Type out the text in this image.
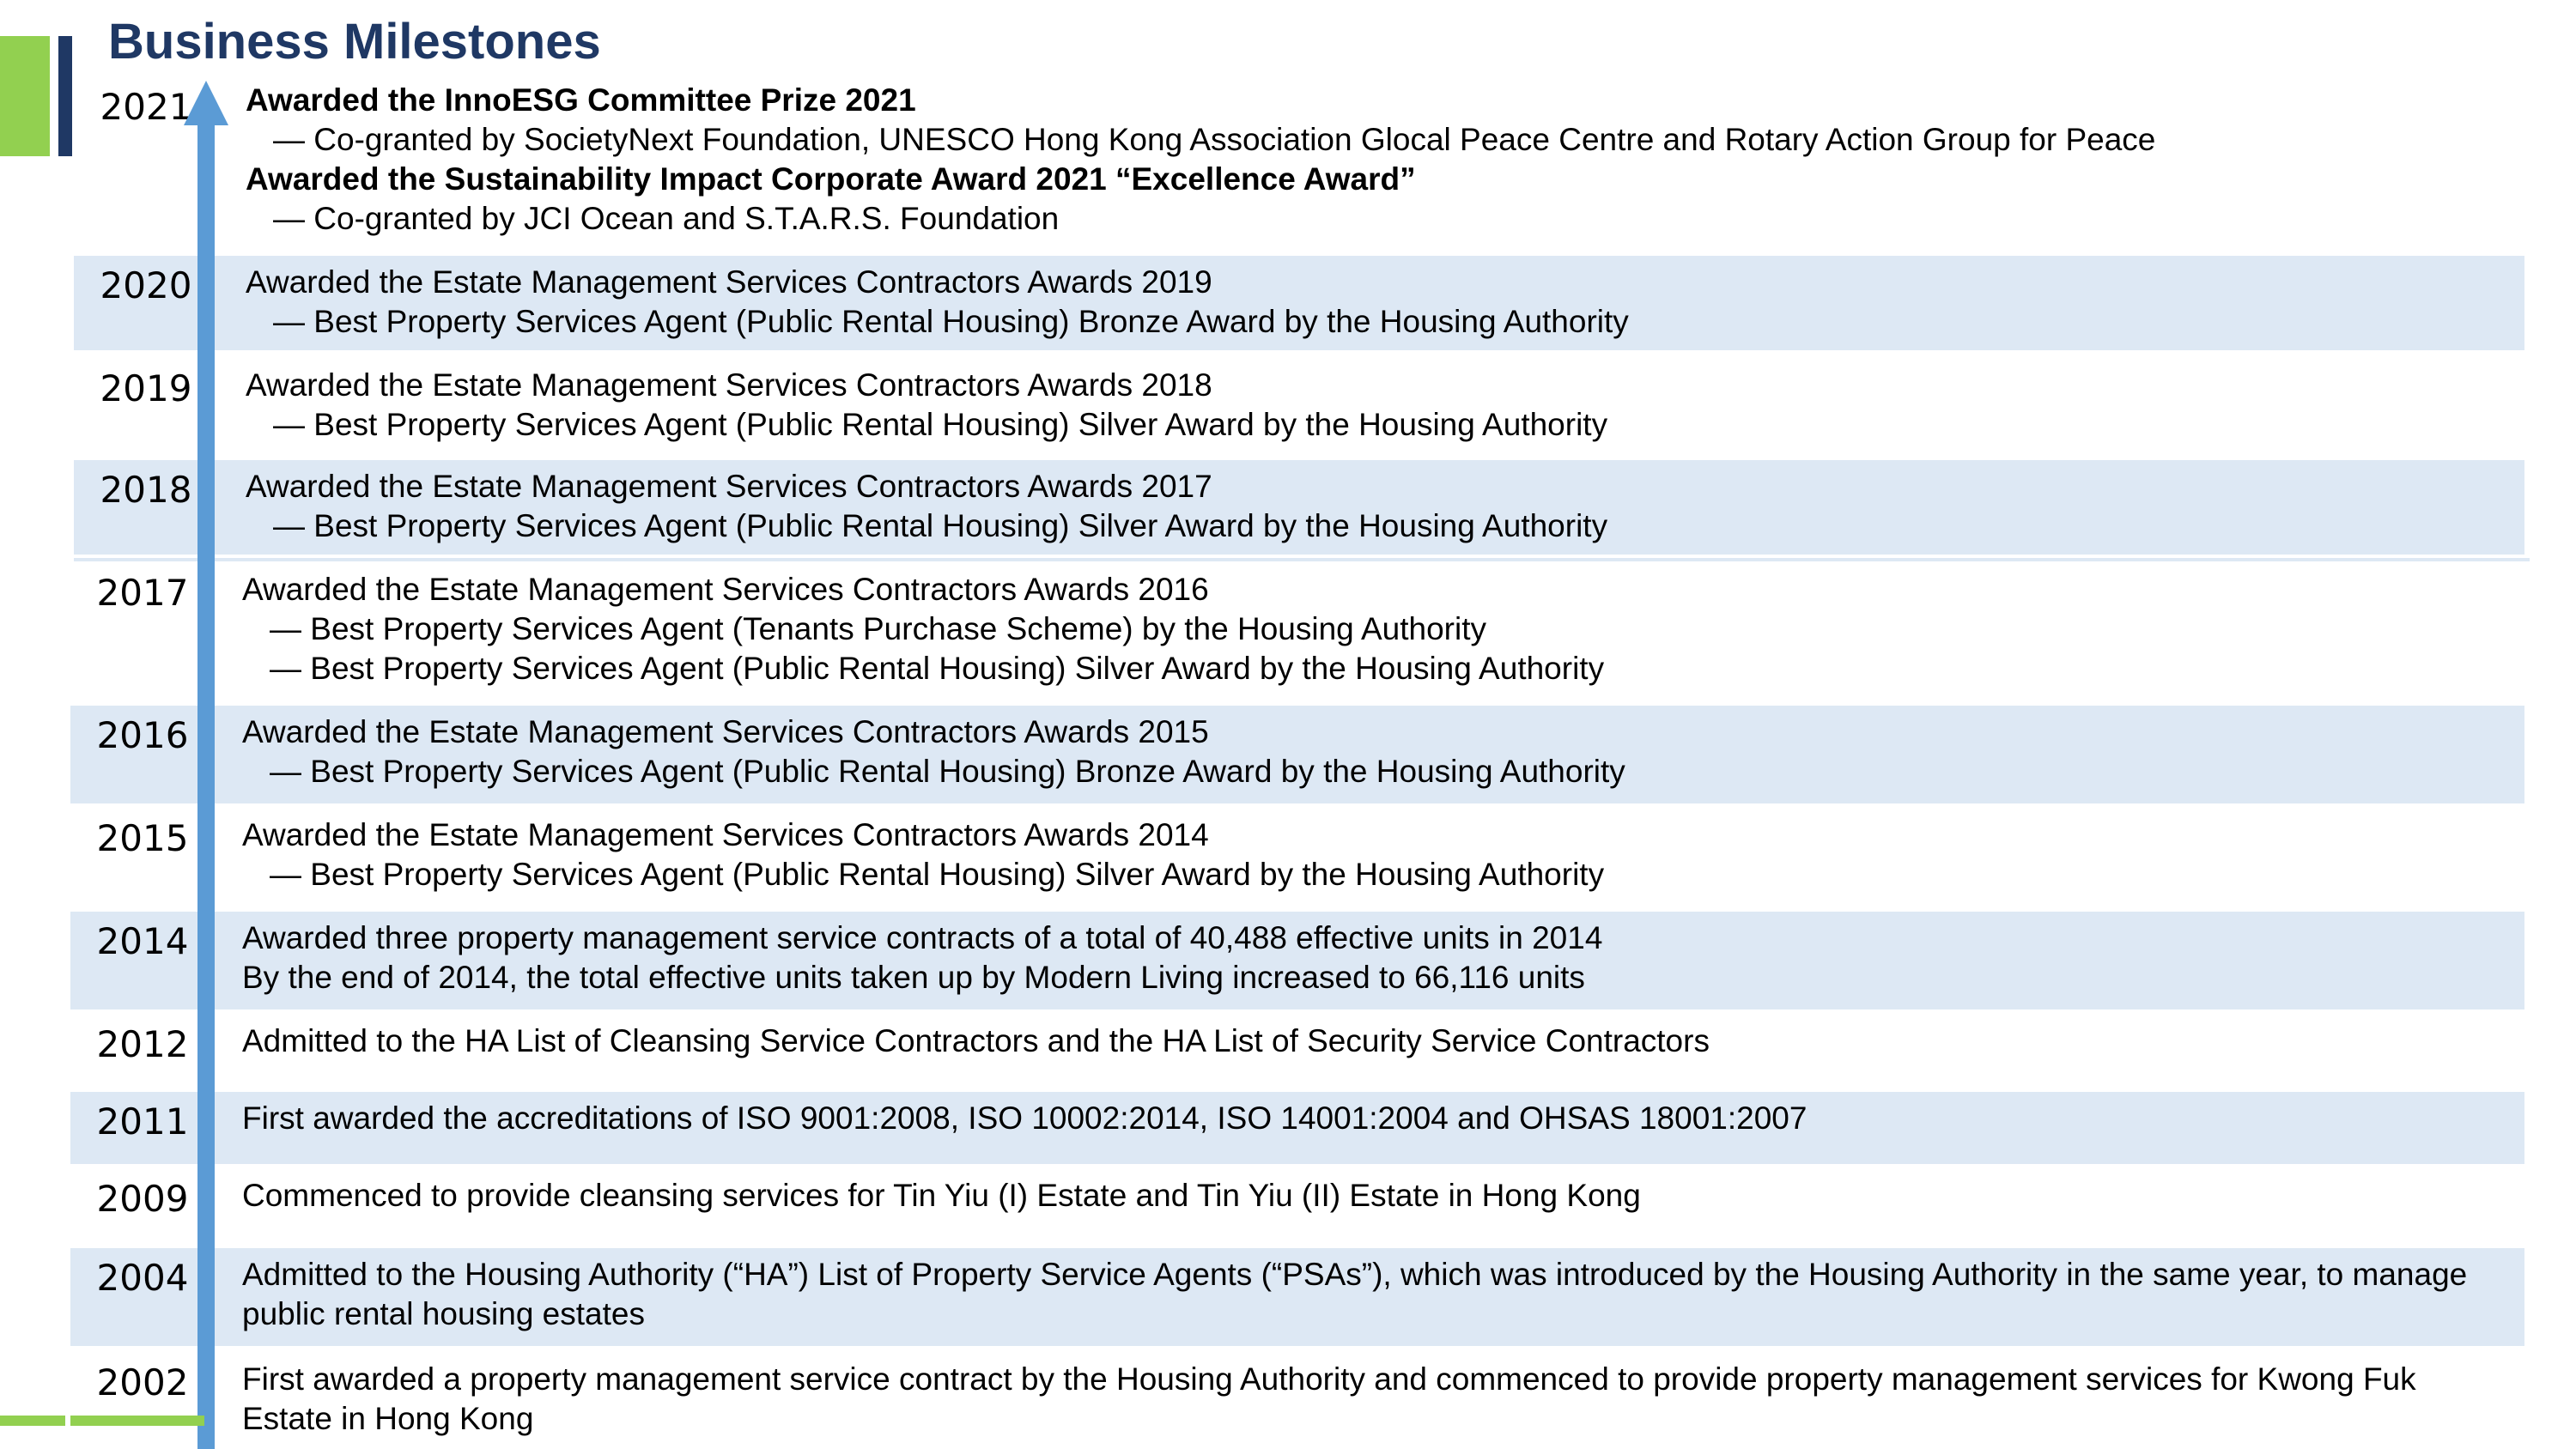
Business Milestones
2021 Awarded the InnoESG Committee Prize 2021
— Co-granted by SocietyNext Foundation, UNESCO Hong Kong Association Glocal Peace Centre and Rotary Action Group for Peace
Awarded the Sustainability Impact Corporate Award 2021 “Excellence Award”
— Co-granted by JCI Ocean and S.T.A.R.S. Foundation
2020 Awarded the Estate Management Services Contractors Awards 2019
— Best Property Services Agent (Public Rental Housing) Bronze Award by the Housing Authority
2019 Awarded the Estate Management Services Contractors Awards 2018
— Best Property Services Agent (Public Rental Housing) Silver Award by the Housing Authority
2018 Awarded the Estate Management Services Contractors Awards 2017
— Best Property Services Agent (Public Rental Housing) Silver Award by the Housing Authority
2017 Awarded the Estate Management Services Contractors Awards 2016
— Best Property Services Agent (Tenants Purchase Scheme) by the Housing Authority
— Best Property Services Agent (Public Rental Housing) Silver Award by the Housing Authority
2016 Awarded the Estate Management Services Contractors Awards 2015
— Best Property Services Agent (Public Rental Housing) Bronze Award by the Housing Authority
2015 Awarded the Estate Management Services Contractors Awards 2014
— Best Property Services Agent (Public Rental Housing) Silver Award by the Housing Authority
2014 Awarded three property management service contracts of a total of 40,488 effective units in 2014
By the end of 2014, the total effective units taken up by Modern Living increased to 66,116 units
2012 Admitted to the HA List of Cleansing Service Contractors and the HA List of Security Service Contractors
2011 First awarded the accreditations of ISO 9001:2008, ISO 10002:2014, ISO 14001:2004 and OHSAS 18001:2007
2009 Commenced to provide cleansing services for Tin Yiu (I) Estate and Tin Yiu (II) Estate in Hong Kong
2004 Admitted to the Housing Authority (“HA”) List of Property Service Agents (“PSAs”), which was introduced by the Housing Authority in the same year, to manage public rental housing estates
2002 First awarded a property management service contract by the Housing Authority and commenced to provide property management services for Kwong Fuk Estate in Hong Kong
